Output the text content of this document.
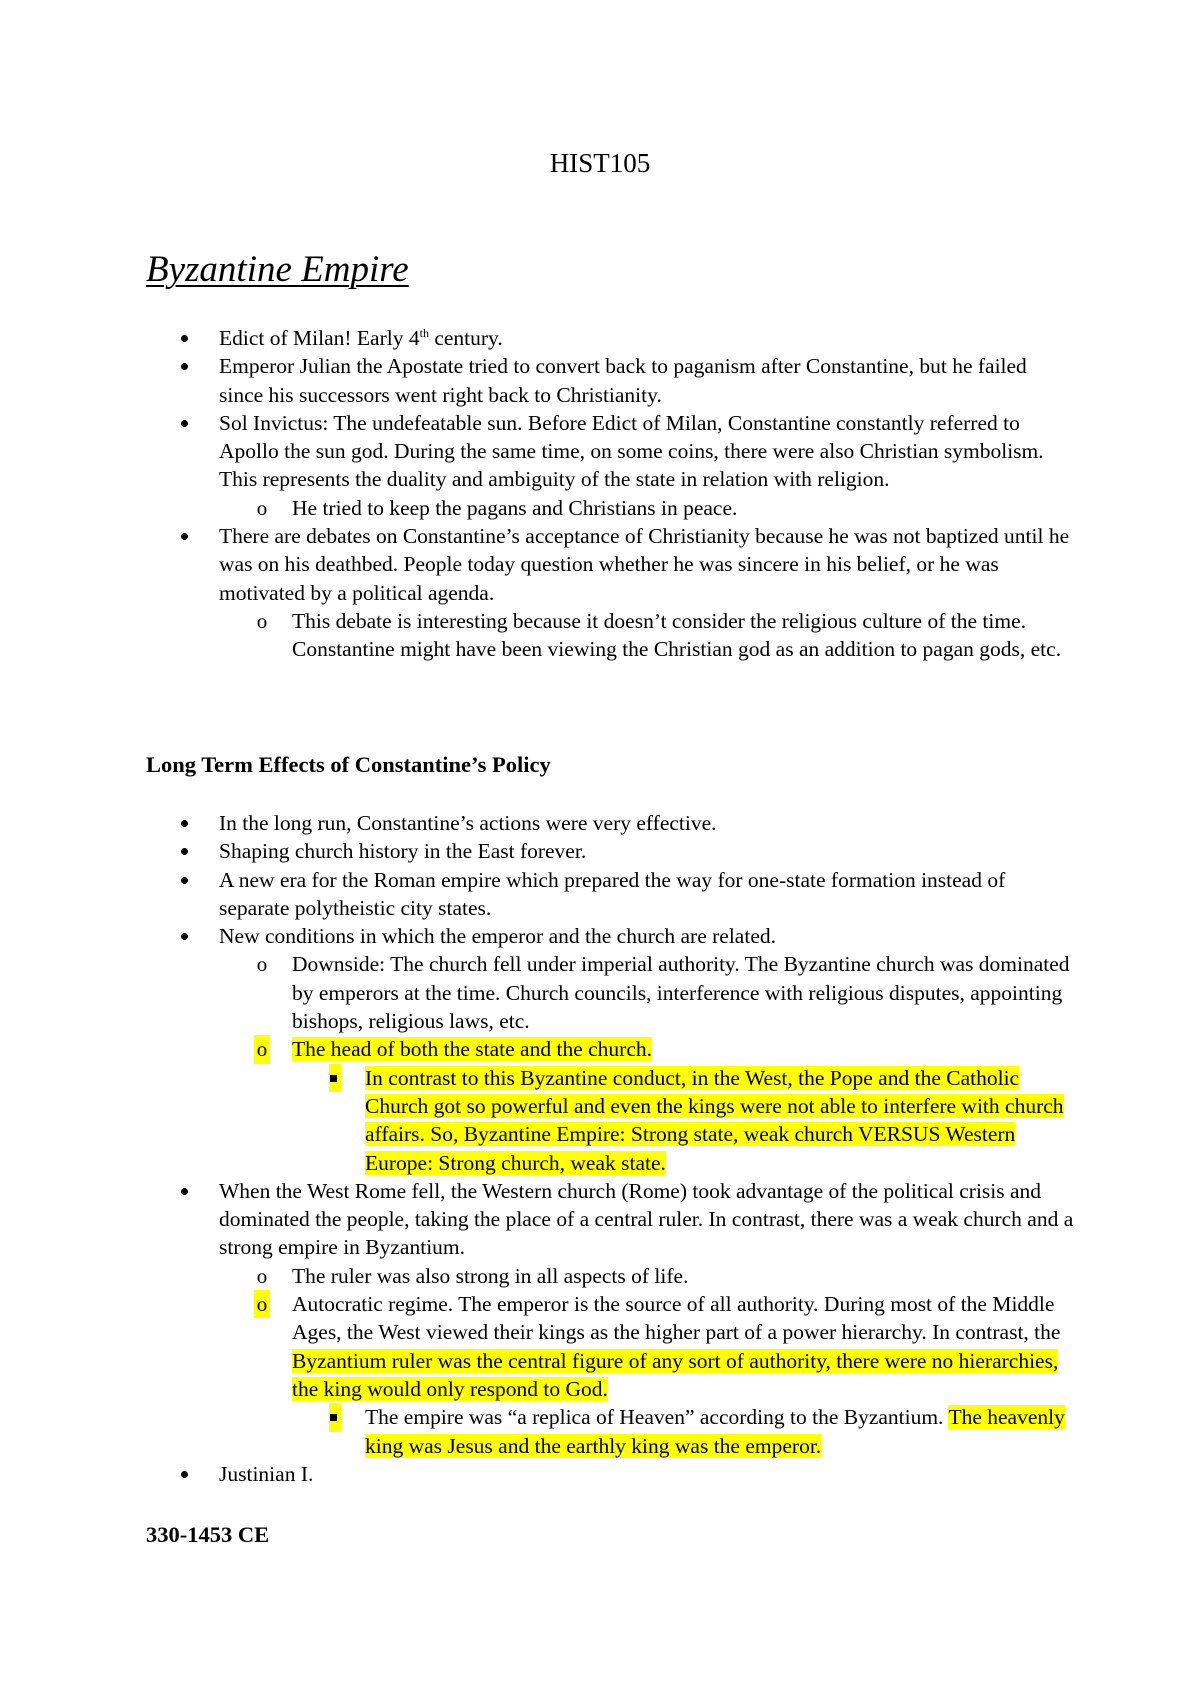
HIST105
Byzantine Empire
Edict of Milan! Early 4th century.
Emperor Julian the Apostate tried to convert back to paganism after Constantine, but he failed since his successors went right back to Christianity.
Sol Invictus: The undefeatable sun. Before Edict of Milan, Constantine constantly referred to Apollo the sun god. During the same time, on some coins, there were also Christian symbolism. This represents the duality and ambiguity of the state in relation with religion.
o He tried to keep the pagans and Christians in peace.
There are debates on Constantine’s acceptance of Christianity because he was not baptized until he was on his deathbed. People today question whether he was sincere in his belief, or he was motivated by a political agenda.
o This debate is interesting because it doesn’t consider the religious culture of the time. Constantine might have been viewing the Christian god as an addition to pagan gods, etc.
Long Term Effects of Constantine’s Policy
In the long run, Constantine’s actions were very effective.
Shaping church history in the East forever.
A new era for the Roman empire which prepared the way for one-state formation instead of separate polytheistic city states.
New conditions in which the emperor and the church are related.
o Downside: The church fell under imperial authority. The Byzantine church was dominated by emperors at the time. Church councils, interference with religious disputes, appointing bishops, religious laws, etc.
o The head of both the state and the church.
In contrast to this Byzantine conduct, in the West, the Pope and the Catholic Church got so powerful and even the kings were not able to interfere with church affairs. So, Byzantine Empire: Strong state, weak church VERSUS Western Europe: Strong church, weak state.
When the West Rome fell, the Western church (Rome) took advantage of the political crisis and dominated the people, taking the place of a central ruler. In contrast, there was a weak church and a strong empire in Byzantium.
o The ruler was also strong in all aspects of life.
o Autocratic regime. The emperor is the source of all authority. During most of the Middle Ages, the West viewed their kings as the higher part of a power hierarchy. In contrast, the Byzantium ruler was the central figure of any sort of authority, there were no hierarchies, the king would only respond to God.
The empire was “a replica of Heaven” according to the Byzantium. The heavenly king was Jesus and the earthly king was the emperor.
Justinian I.
330-1453 CE
